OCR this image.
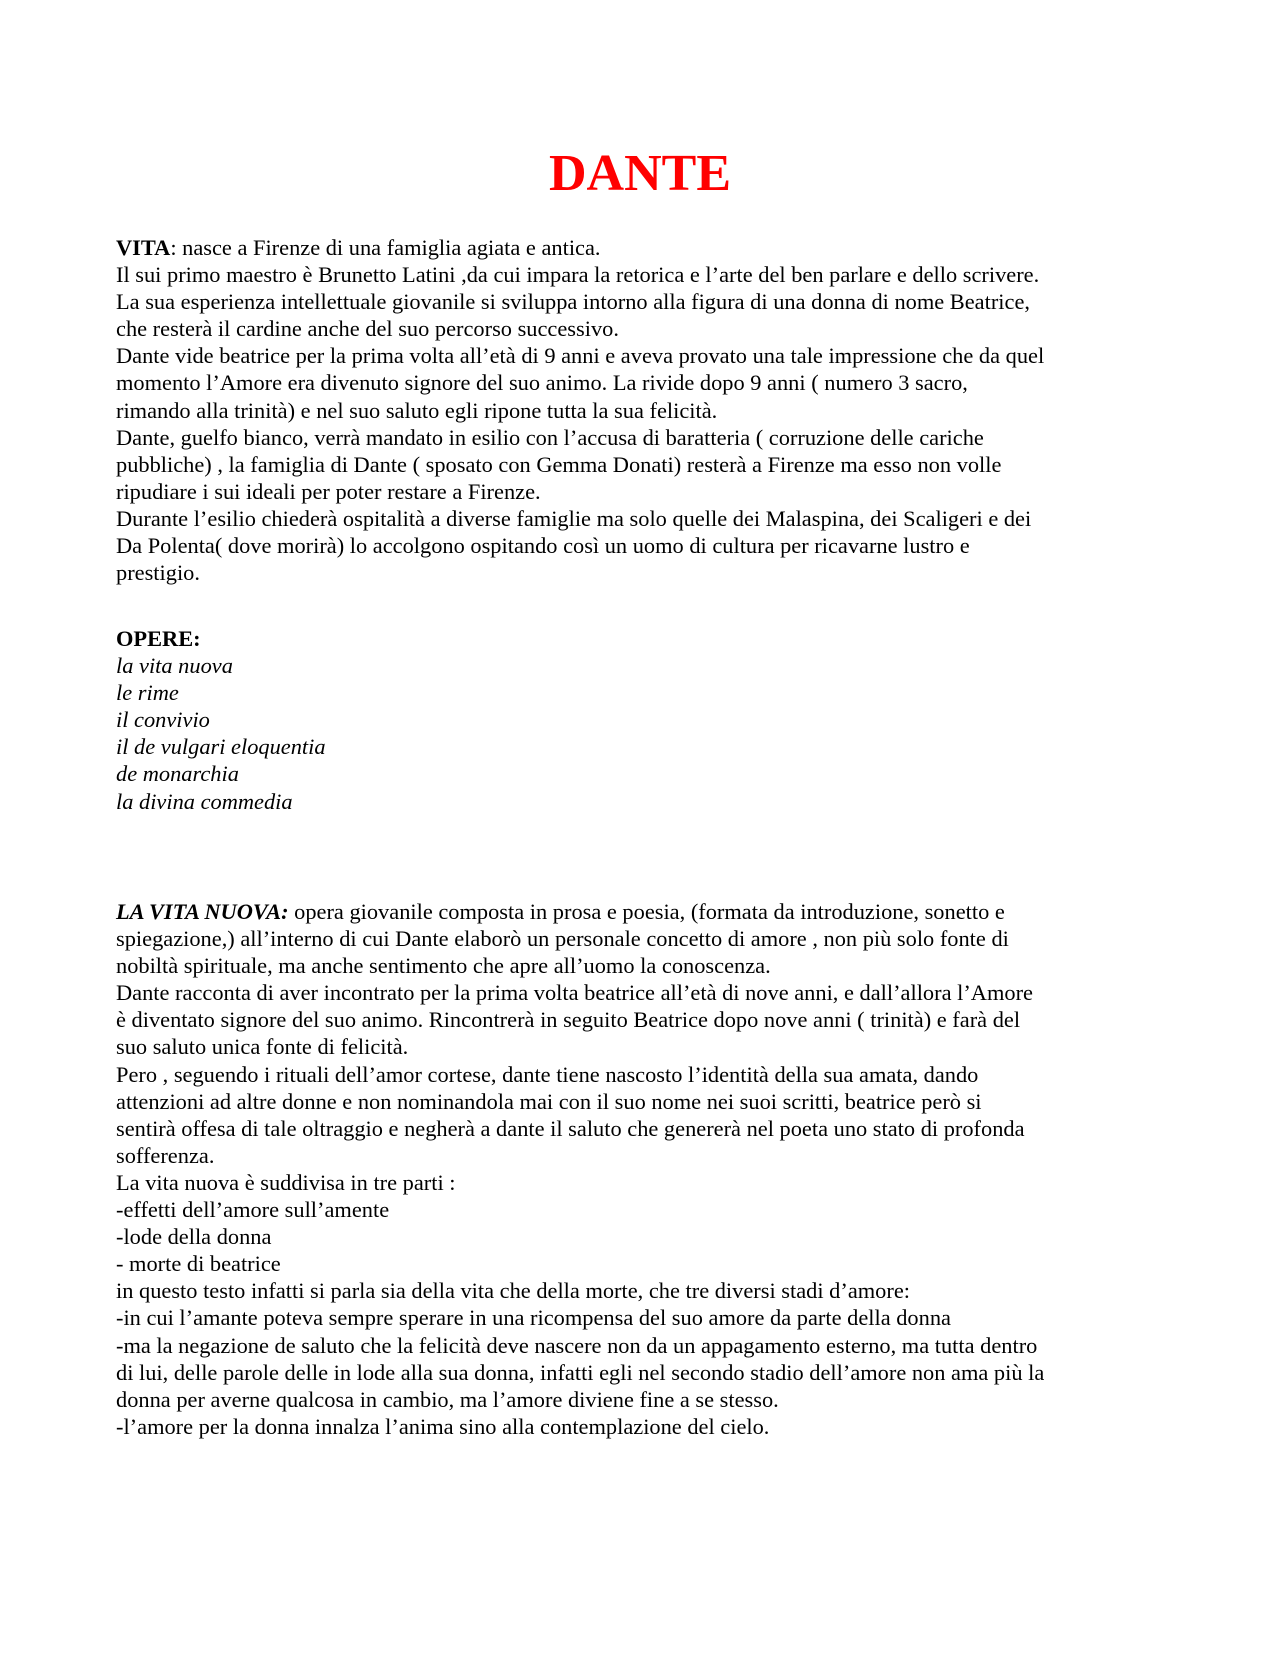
DANTE
VITA: nasce a Firenze di una famiglia agiata e antica.
Il sui primo maestro è Brunetto Latini ,da cui impara la retorica e l’arte del ben parlare e dello scrivere.
La sua esperienza intellettuale giovanile si sviluppa intorno alla figura di una donna di nome Beatrice,
che resterà il cardine anche del suo percorso successivo.
Dante vide beatrice per la prima volta all’età di 9 anni e aveva provato una tale impressione che da quel
momento l’Amore era divenuto signore del suo animo. La rivide dopo 9 anni ( numero 3 sacro,
rimando alla trinità) e nel suo saluto egli ripone tutta la sua felicità.
Dante, guelfo bianco, verrà mandato in esilio con l’accusa di baratteria ( corruzione delle cariche
pubbliche) , la famiglia di Dante ( sposato con Gemma Donati) resterà a Firenze ma esso non volle
ripudiare i sui ideali per poter restare a Firenze.
Durante l’esilio chiederà ospitalità a diverse famiglie ma solo quelle dei Malaspina, dei Scaligeri e dei
Da Polenta( dove morirà) lo accolgono ospitando così un uomo di cultura per ricavarne lustro e
prestigio.
OPERE:
la vita nuova
le rime
il convivio
il de vulgari eloquentia
de monarchia
la divina commedia
LA VITA NUOVA: opera giovanile composta in prosa e poesia, (formata da introduzione, sonetto e
spiegazione,) all’interno di cui Dante elaborò un personale concetto di amore , non più solo fonte di
nobiltà spirituale, ma anche sentimento che apre all’uomo la conoscenza.
Dante racconta di aver incontrato per la prima volta beatrice all’età di nove anni, e dall’allora l’Amore
è diventato signore del suo animo. Rincontrerà in seguito Beatrice dopo nove anni ( trinità) e farà del
suo saluto unica fonte di felicità.
Pero , seguendo i rituali dell’amor cortese, dante tiene nascosto l’identità della sua amata, dando
attenzioni ad altre donne e non nominandola mai con il suo nome nei suoi scritti, beatrice però si
sentirà offesa di tale oltraggio e negherà a dante il saluto che genererà nel poeta uno stato di profonda
sofferenza.
La vita nuova è suddivisa in tre parti :
-effetti dell’amore sull’amente
-lode della donna
- morte di beatrice
in questo testo infatti si parla sia della vita che della morte, che tre diversi stadi d’amore:
-in cui l’amante poteva sempre sperare in una ricompensa del suo amore da parte della donna
-ma la negazione de saluto che la felicità deve nascere non da un appagamento esterno, ma tutta dentro
di lui, delle parole delle in lode alla sua donna, infatti egli nel secondo stadio dell’amore non ama più la
donna per averne qualcosa in cambio, ma l’amore diviene fine a se stesso.
-l’amore per la donna innalza l’anima sino alla contemplazione del cielo.
